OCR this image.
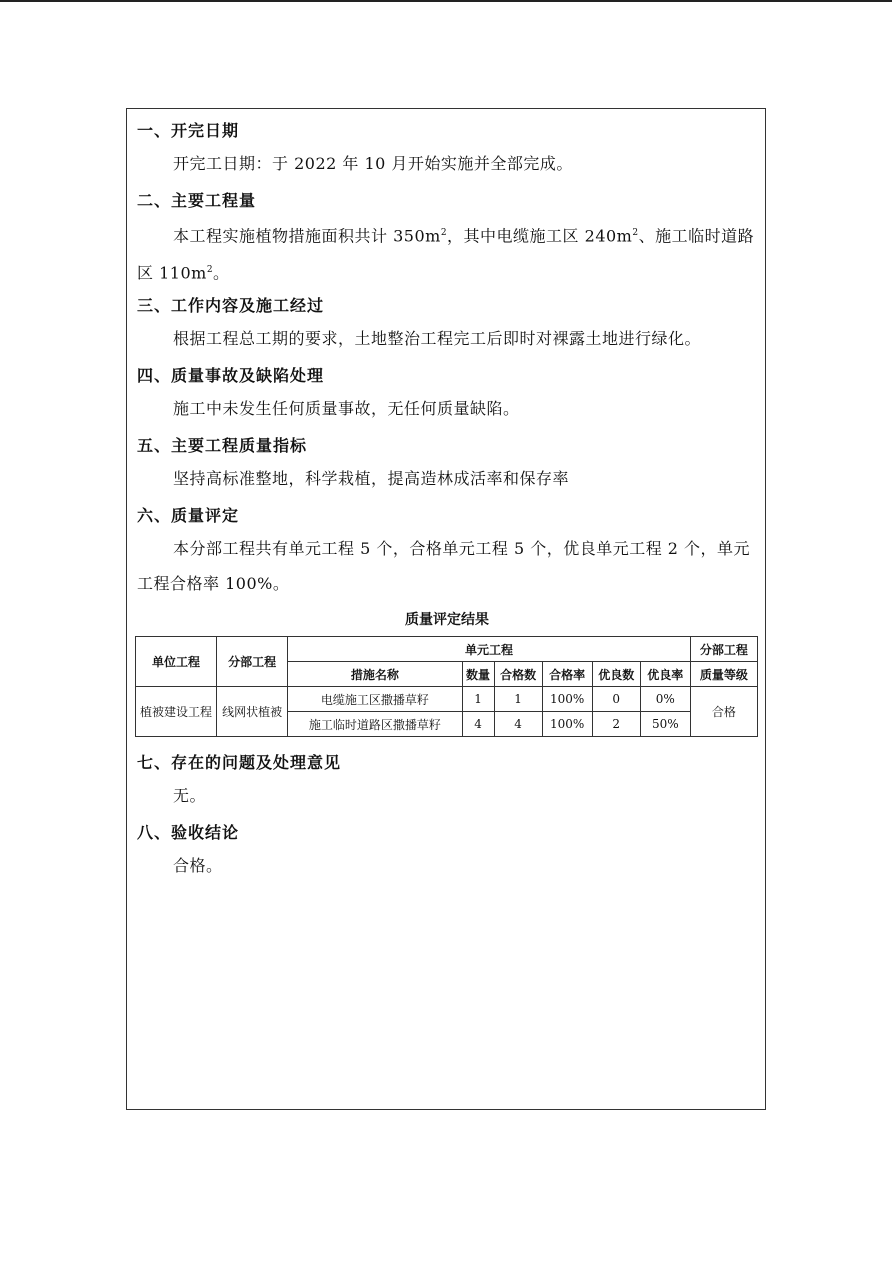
一、开完日期
开完工日期：于 2022 年 10 月开始实施并全部完成。
二、主要工程量
本工程实施植物措施面积共计 $350m^2$，其中电缆施工区 $240m^2$、施工临时道路区 $110m^2$。
三、工作内容及施工经过
根据工程总工期的要求，土地整治工程完工后即时对裸露土地进行绿化。
四、质量事故及缺陷处理
施工中未发生任何质量事故，无任何质量缺陷。
五、主要工程质量指标
坚持高标准整地，科学栽植，提高造林成活率和保存率
六、质量评定
本分部工程共有单元工程 5 个，合格单元工程 5 个，优良单元工程 2 个，单元工程合格率 100%。
质量评定结果
单位工程	分部工程	单元工程						分部工程
		措施名称	数量	合格数	合格率	优良数	优良率	质量等级
植被建设工程	线网状植被	电缆施工区撒播草籽	1	1	100%	0	0%	合格
		施工临时道路区撒播草籽	4	4	100%	2	50%	
七、存在的问题及处理意见
无。
八、验收结论
合格。
